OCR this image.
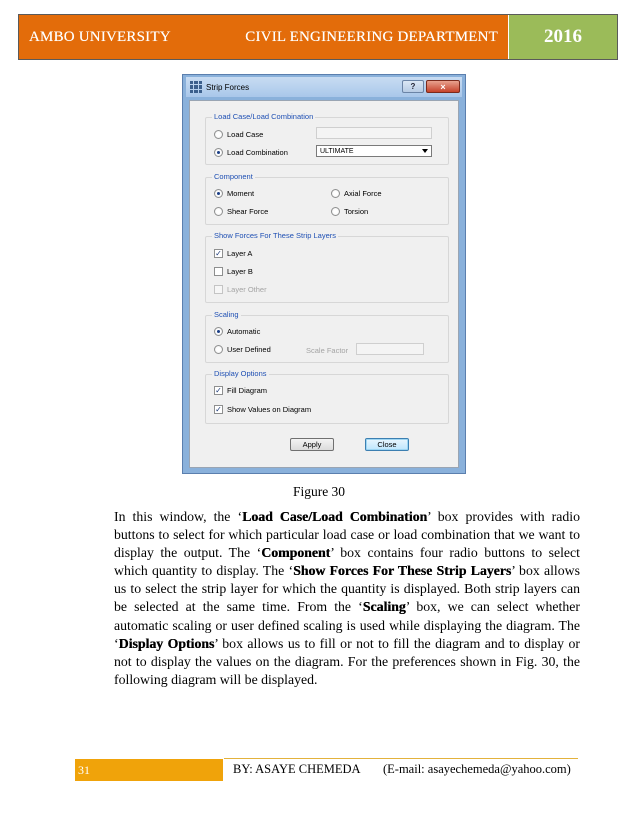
AMBO UNIVERSITY	CIVIL ENGINEERING DEPARTMENT 2016
Strip Forces	?	×
Load Case/Load Combination
Load Case
Load Combination	ULTIMATE
Component
Moment	Axial Force
Shear Force	Torsion
Show Forces For These Strip Layers
✓ Layer A
Layer B
Layer Other
Scaling
Automatic
User Defined	Scale Factor
Display Options
✓ Fill Diagram
✓ Show Values on Diagram
Apply	Close
Figure 30

In this window, the ‘Load Case/Load Combination’ box provides with radio buttons to select for which particular load case or load combination that we want to display the output. The ‘Component’ box contains four radio buttons to select which quantity to display. The ‘Show Forces For These Strip Layers’ box allows us to select the strip layer for which the quantity is displayed. Both strip layers can be selected at the same time. From the ‘Scaling’ box, we can select whether automatic scaling or user defined scaling is used while displaying the diagram. The ‘Display Options’ box allows us to fill or not to fill the diagram and to display or not to display the values on the diagram. For the preferences shown in Fig. 30, the following diagram will be displayed.

31	BY: ASAYE CHEMEDA (E-mail: asayechemeda@yahoo.com)
